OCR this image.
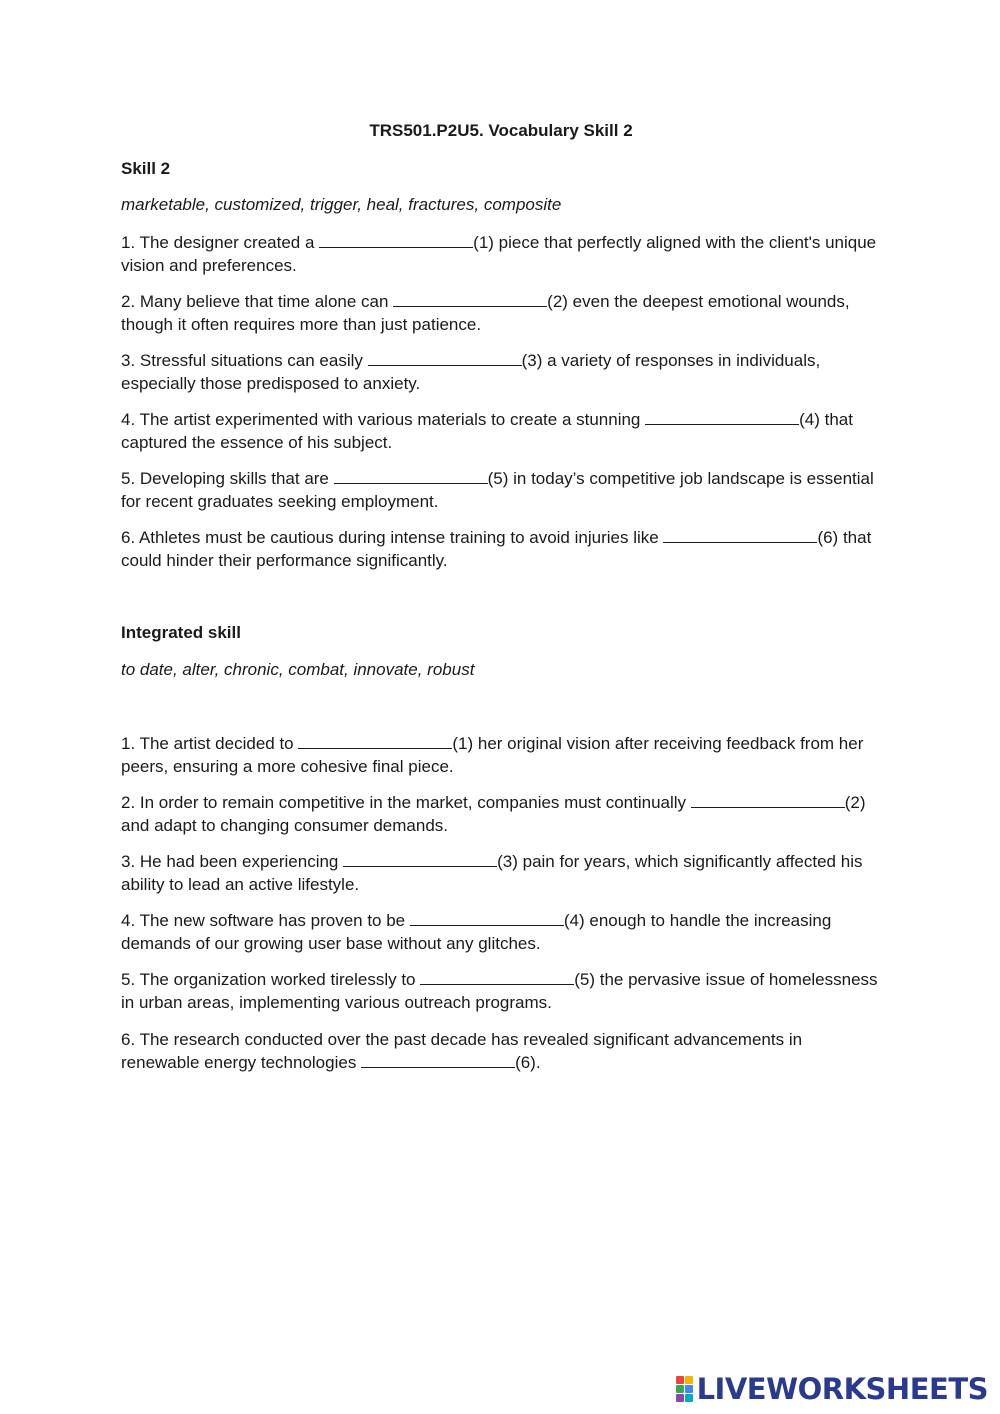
TRS501.P2U5. Vocabulary Skill 2
Skill 2
marketable, customized, trigger, heal, fractures, composite
1. The designer created a	(1) piece that perfectly aligned with the client's unique vision and preferences.
2. Many believe that time alone can	(2) even the deepest emotional wounds, though it often requires more than just patience.
3. Stressful situations can easily	(3) a variety of responses in individuals, especially those predisposed to anxiety.
4. The artist experimented with various materials to create a stunning	(4) that captured the essence of his subject.
5. Developing skills that are	(5) in today’s competitive job landscape is essential for recent graduates seeking employment.
6. Athletes must be cautious during intense training to avoid injuries like	(6) that could hinder their performance significantly.
Integrated skill
to date, alter, chronic, combat, innovate, robust
1. The artist decided to	(1) her original vision after receiving feedback from her peers, ensuring a more cohesive final piece.
2. In order to remain competitive in the market, companies must continually	(2) and adapt to changing consumer demands.
3. He had been experiencing	(3) pain for years, which significantly affected his ability to lead an active lifestyle.
4. The new software has proven to be	(4) enough to handle the increasing demands of our growing user base without any glitches.
5. The organization worked tirelessly to	(5) the pervasive issue of homelessness in urban areas, implementing various outreach programs.
6. The research conducted over the past decade has revealed significant advancements in renewable energy technologies	(6).
LIVEWORKSHEETS
